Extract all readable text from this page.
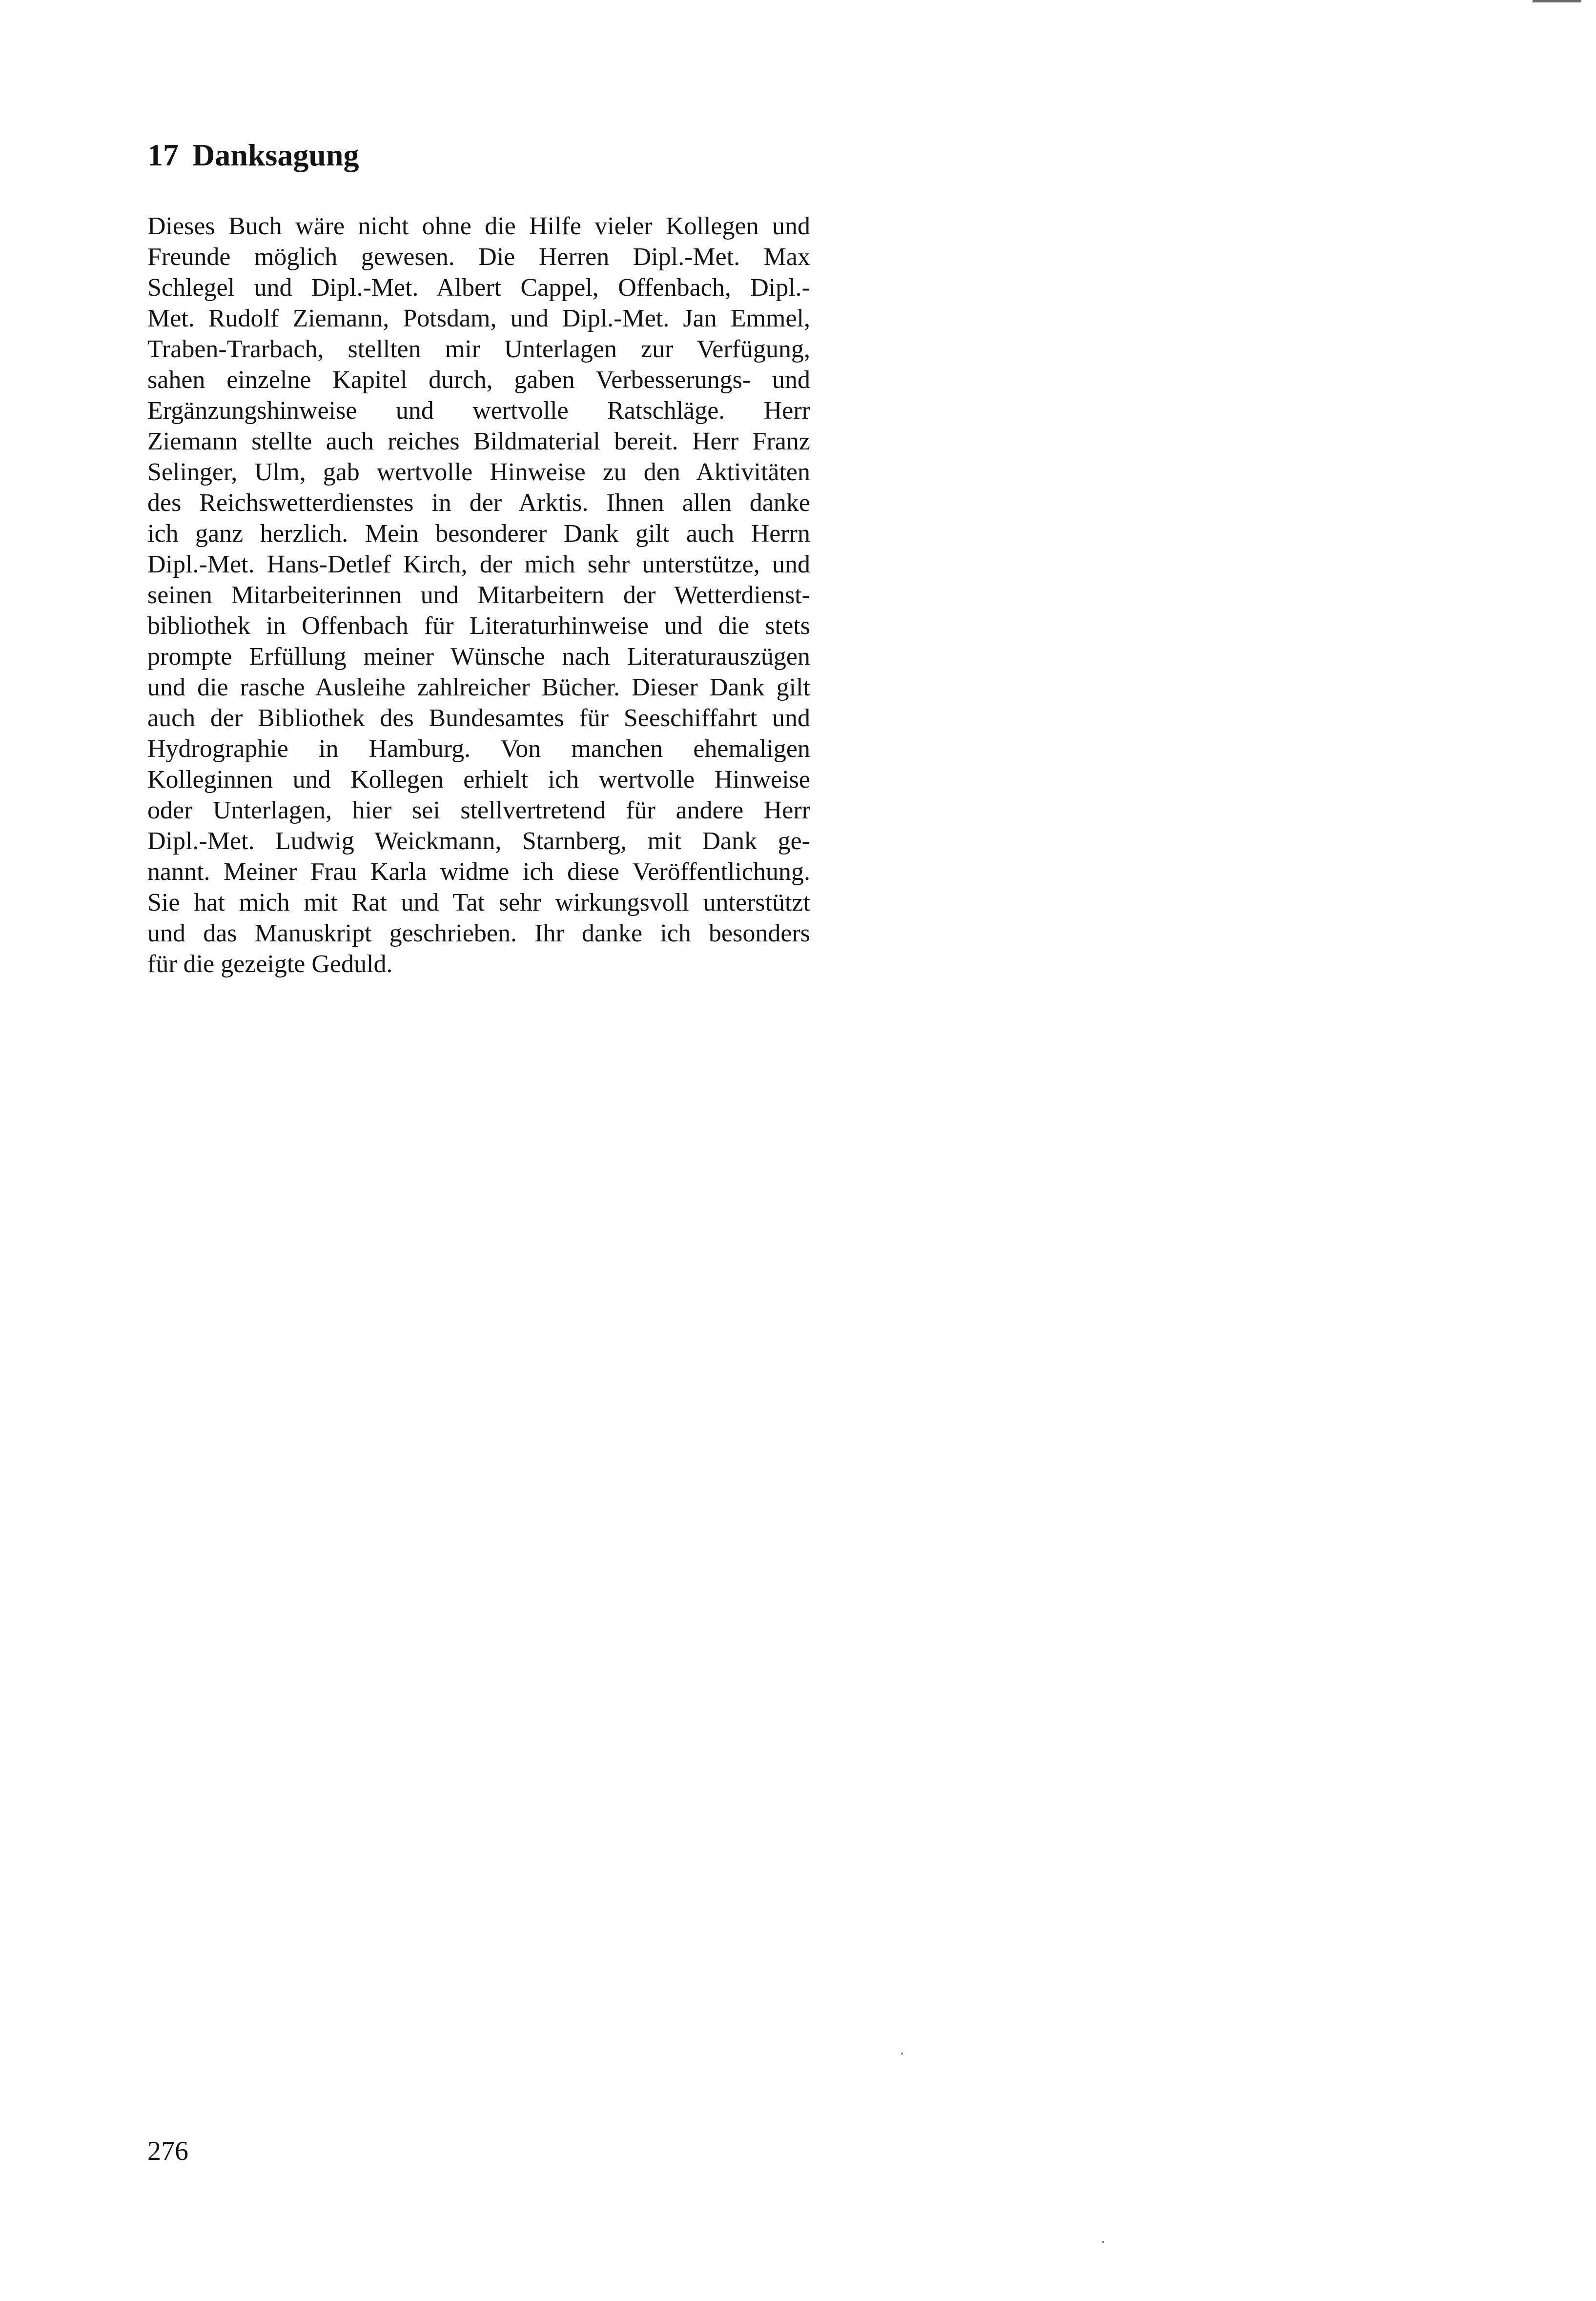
17 Danksagung
Dieses Buch wäre nicht ohne die Hilfe vieler Kollegen und
Freunde möglich gewesen. Die Herren Dipl.-Met. Max
Schlegel und Dipl.-Met. Albert Cappel, Offenbach, Dipl.-
Met. Rudolf Ziemann, Potsdam, und Dipl.-Met. Jan Emmel,
Traben-Trarbach, stellten mir Unterlagen zur Verfügung,
sahen einzelne Kapitel durch, gaben Verbesserungs- und
Ergänzungshinweise und wertvolle Ratschläge. Herr
Ziemann stellte auch reiches Bildmaterial bereit. Herr Franz
Selinger, Ulm, gab wertvolle Hinweise zu den Aktivitäten
des Reichswetterdienstes in der Arktis. Ihnen allen danke
ich ganz herzlich. Mein besonderer Dank gilt auch Herrn
Dipl.-Met. Hans-Detlef Kirch, der mich sehr unterstütze, und
seinen Mitarbeiterinnen und Mitarbeitern der Wetterdienst-
bibliothek in Offenbach für Literaturhinweise und die stets
prompte Erfüllung meiner Wünsche nach Literaturauszügen
und die rasche Ausleihe zahlreicher Bücher. Dieser Dank gilt
auch der Bibliothek des Bundesamtes für Seeschiffahrt und
Hydrographie in Hamburg. Von manchen ehemaligen
Kolleginnen und Kollegen erhielt ich wertvolle Hinweise
oder Unterlagen, hier sei stellvertretend für andere Herr
Dipl.-Met. Ludwig Weickmann, Starnberg, mit Dank ge-
nannt. Meiner Frau Karla widme ich diese Veröffentlichung.
Sie hat mich mit Rat und Tat sehr wirkungsvoll unterstützt
und das Manuskript geschrieben. Ihr danke ich besonders
für die gezeigte Geduld.
276
